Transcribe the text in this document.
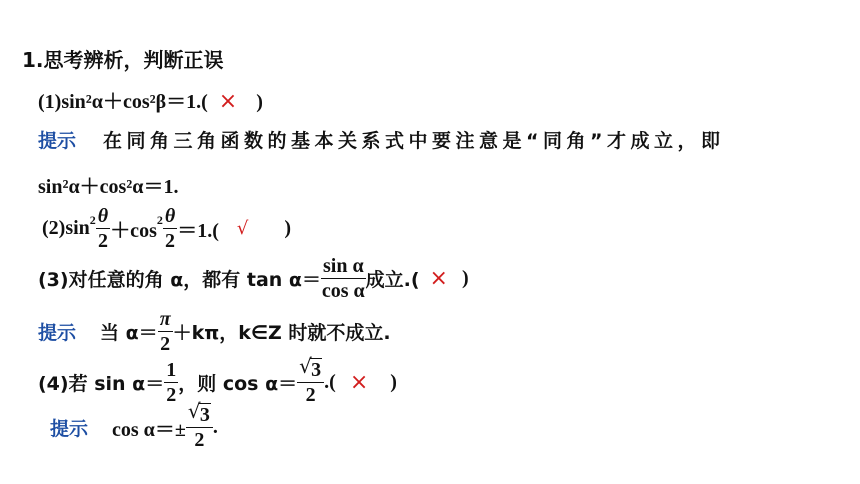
1.思考辨析，判断正误
(1)sin²α＋cos²β＝1.( × )
提示 在同角三角函数的基本关系式中要注意是“同角”才成立，即
sin²α＋cos²α＝1.
(2)sin $2 \frac{\theta}{2} +\cos$ $2 \frac{\theta}{2} =1$.( √ )
(3)对任意的角 α，都有 $\tan \alpha= \frac{\text{sin α}}{\text{cos α}}$ 成立.( × )
提示 当 $\alpha= \frac{\pi}{2} +k\pi$，k∈Z 时就不成立.
(4)若 $\sin \alpha= \frac{1}{2}$ ，则 $\cos \alpha= \frac{√ 3}{2}$ .( × )
提示 $\cos \alpha=\pm \frac{√ 3}{2}$ .
